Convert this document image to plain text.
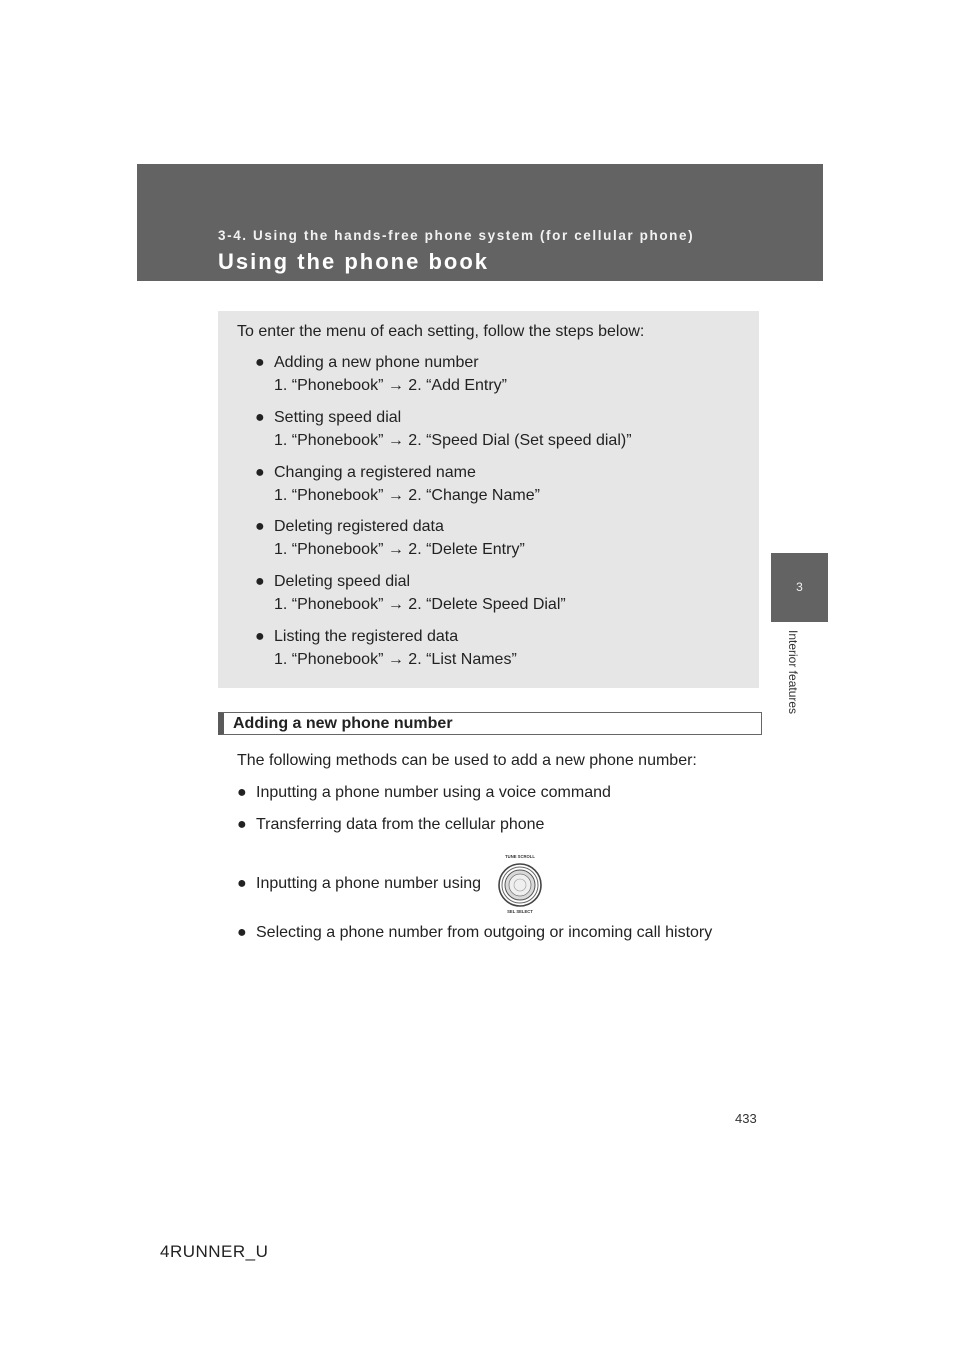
3-4. Using the hands-free phone system (for cellular phone)
Using the phone book
3
Interior features
To enter the menu of each setting, follow the steps below:
● Adding a new phone number
1. “Phonebook” → 2. “Add Entry”
● Setting speed dial
1. “Phonebook” → 2. “Speed Dial (Set speed dial)”
● Changing a registered name
1. “Phonebook” → 2. “Change Name”
● Deleting registered data
1. “Phonebook” → 2. “Delete Entry”
● Deleting speed dial
1. “Phonebook” → 2. “Delete Speed Dial”
● Listing the registered data
1. “Phonebook” → 2. “List Names”
Adding a new phone number
The following methods can be used to add a new phone number:
● Inputting a phone number using a voice command
● Transferring data from the cellular phone
● Inputting a phone number using
TUNE SCROLL
SEL SELECT
● Selecting a phone number from outgoing or incoming call history
433
4RUNNER_U
